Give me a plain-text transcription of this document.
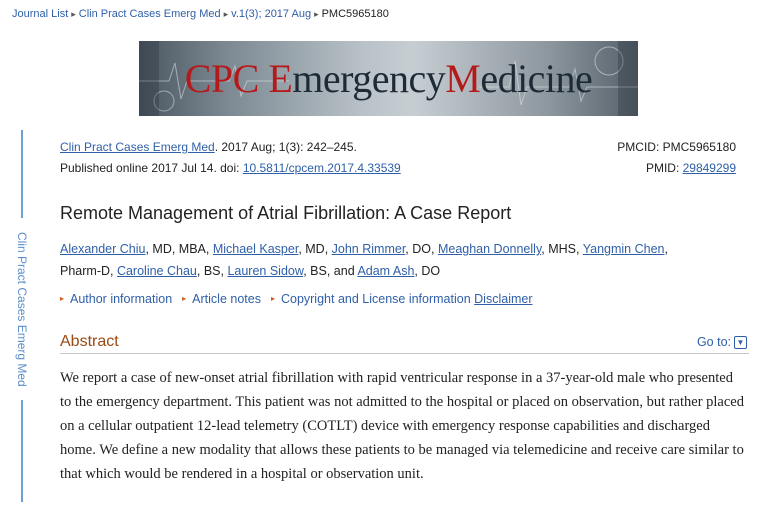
Journal List ▸ Clin Pract Cases Emerg Med ▸ v.1(3); 2017 Aug ▸ PMC5965180
CPC EmergencyMedicine
Clin Pract Cases Emerg Med
Clin Pract Cases Emerg Med. 2017 Aug; 1(3): 242–245.	PMCID: PMC5965180
Published online 2017 Jul 14. doi: 10.5811/cpcem.2017.4.33539	PMID: 29849299
Remote Management of Atrial Fibrillation: A Case Report
Alexander Chiu, MD, MBA, Michael Kasper, MD, John Rimmer, DO, Meaghan Donnelly, MHS, Yangmin Chen,
Pharm-D, Caroline Chau, BS, Lauren Sidow, BS, and Adam Ash, DO
▸ Author information ▸ Article notes ▸ Copyright and License information Disclaimer
Abstract	Go to: ▼

We report a case of new-onset atrial fibrillation with rapid ventricular response in a 37-year-old male who presented to the emergency department. This patient was not admitted to the hospital or placed on observation, but rather placed on a cellular outpatient 12-lead telemetry (COTLT) device with emergency response capabilities and discharged home. We define a new modality that allows these patients to be managed via telemedicine and receive care similar to that which would be rendered in a hospital or observation unit.
